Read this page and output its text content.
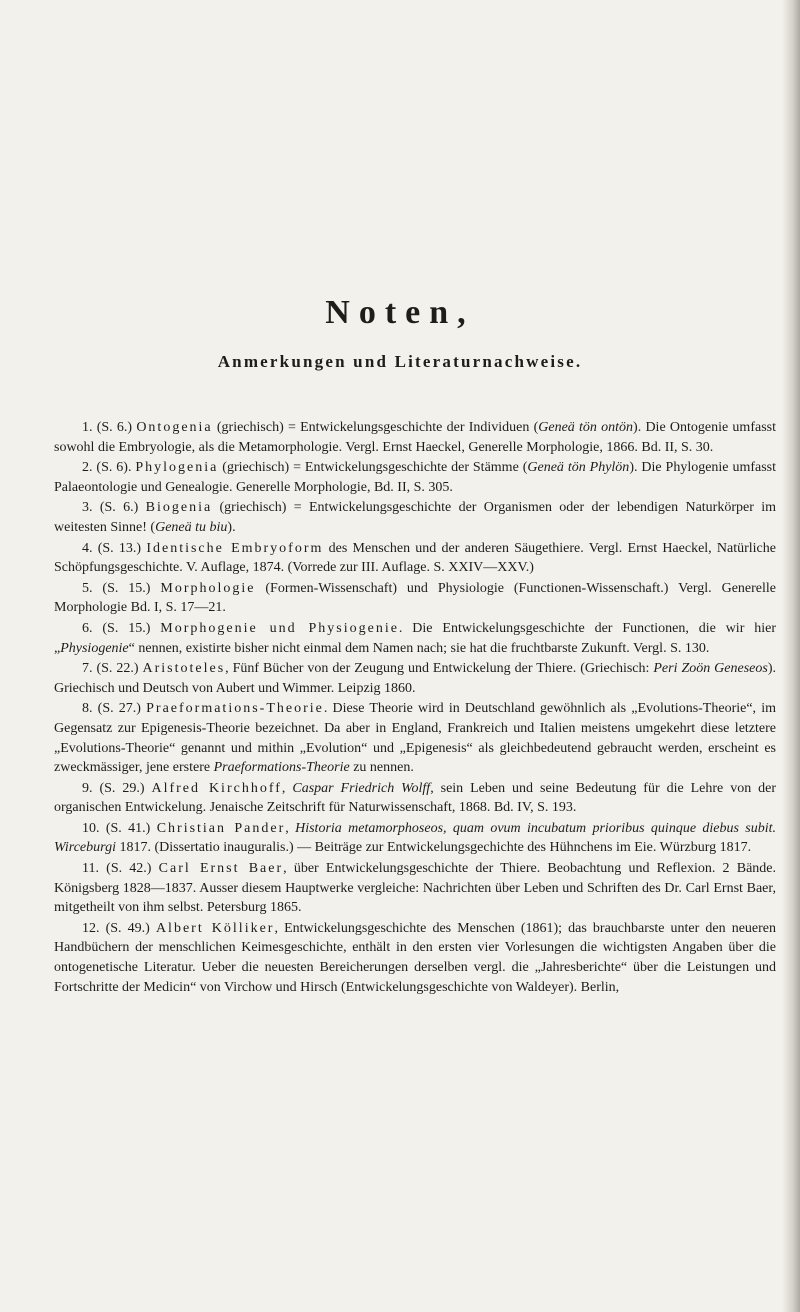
Noten,
Anmerkungen und Literaturnachweise.

1. (S. 6.) Ontogenia (griechisch) = Entwickelungsgeschichte der Individuen (Geneä tön ontön). Die Ontogenie umfasst sowohl die Embryologie, als die Metamorphologie. Vergl. Ernst Haeckel, Generelle Morphologie, 1866. Bd. II, S. 30.

2. (S. 6). Phylogenia (griechisch) = Entwickelungsgeschichte der Stämme (Geneä tön Phylön). Die Phylogenie umfasst Palaeontologie und Genealogie. Generelle Morphologie, Bd. II, S. 305.

3. (S. 6.) Biogenia (griechisch) = Entwickelungsgeschichte der Organismen oder der lebendigen Naturkörper im weitesten Sinne! (Geneä tu biu).

4. (S. 13.) Identische Embryoform des Menschen und der anderen Säugethiere. Vergl. Ernst Haeckel, Natürliche Schöpfungsgeschichte. V. Auflage, 1874. (Vorrede zur III. Auflage. S. XXIV—XXV.)

5. (S. 15.) Morphologie (Formen-Wissenschaft) und Physiologie (Functionen-Wissenschaft.) Vergl. Generelle Morphologie Bd. I, S. 17—21.

6. (S. 15.) Morphogenie und Physiogenie. Die Entwickelungsgeschichte der Functionen, die wir hier „Physiogenie“ nennen, existirte bisher nicht einmal dem Namen nach; sie hat die fruchtbarste Zukunft. Vergl. S. 130.

7. (S. 22.) Aristoteles, Fünf Bücher von der Zeugung und Entwickelung der Thiere. (Griechisch: Peri Zoön Geneseos). Griechisch und Deutsch von Aubert und Wimmer. Leipzig 1860.

8. (S. 27.) Praeformations-Theorie. Diese Theorie wird in Deutschland gewöhnlich als „Evolutions-Theorie“, im Gegensatz zur Epigenesis-Theorie bezeichnet. Da aber in England, Frankreich und Italien meistens umgekehrt diese letztere „Evolutions-Theorie“ genannt und mithin „Evolution“ und „Epigenesis“ als gleichbedeutend gebraucht werden, erscheint es zweckmässiger, jene erstere Praeformations-Theorie zu nennen.

9. (S. 29.) Alfred Kirchhoff, Caspar Friedrich Wolff, sein Leben und seine Bedeutung für die Lehre von der organischen Entwickelung. Jenaische Zeitschrift für Naturwissenschaft, 1868. Bd. IV, S. 193.

10. (S. 41.) Christian Pander, Historia metamorphoseos, quam ovum incubatum prioribus quinque diebus subit. Wirceburgi 1817. (Dissertatio inauguralis.) — Beiträge zur Entwickelungsgechichte des Hühnchens im Eie. Würzburg 1817.

11. (S. 42.) Carl Ernst Baer, über Entwickelungsgeschichte der Thiere. Beobachtung und Reflexion. 2 Bände. Königsberg 1828—1837. Ausser diesem Hauptwerke vergleiche: Nachrichten über Leben und Schriften des Dr. Carl Ernst Baer, mitgetheilt von ihm selbst. Petersburg 1865.

12. (S. 49.) Albert Kölliker, Entwickelungsgeschichte des Menschen (1861); das brauchbarste unter den neueren Handbüchern der menschlichen Keimesgeschichte, enthält in den ersten vier Vorlesungen die wichtigsten Angaben über die ontogenetische Literatur. Ueber die neuesten Bereicherungen derselben vergl. die „Jahresberichte“ über die Leistungen und Fortschritte der Medicin“ von Virchow und Hirsch (Entwickelungsgeschichte von Waldeyer). Berlin,
